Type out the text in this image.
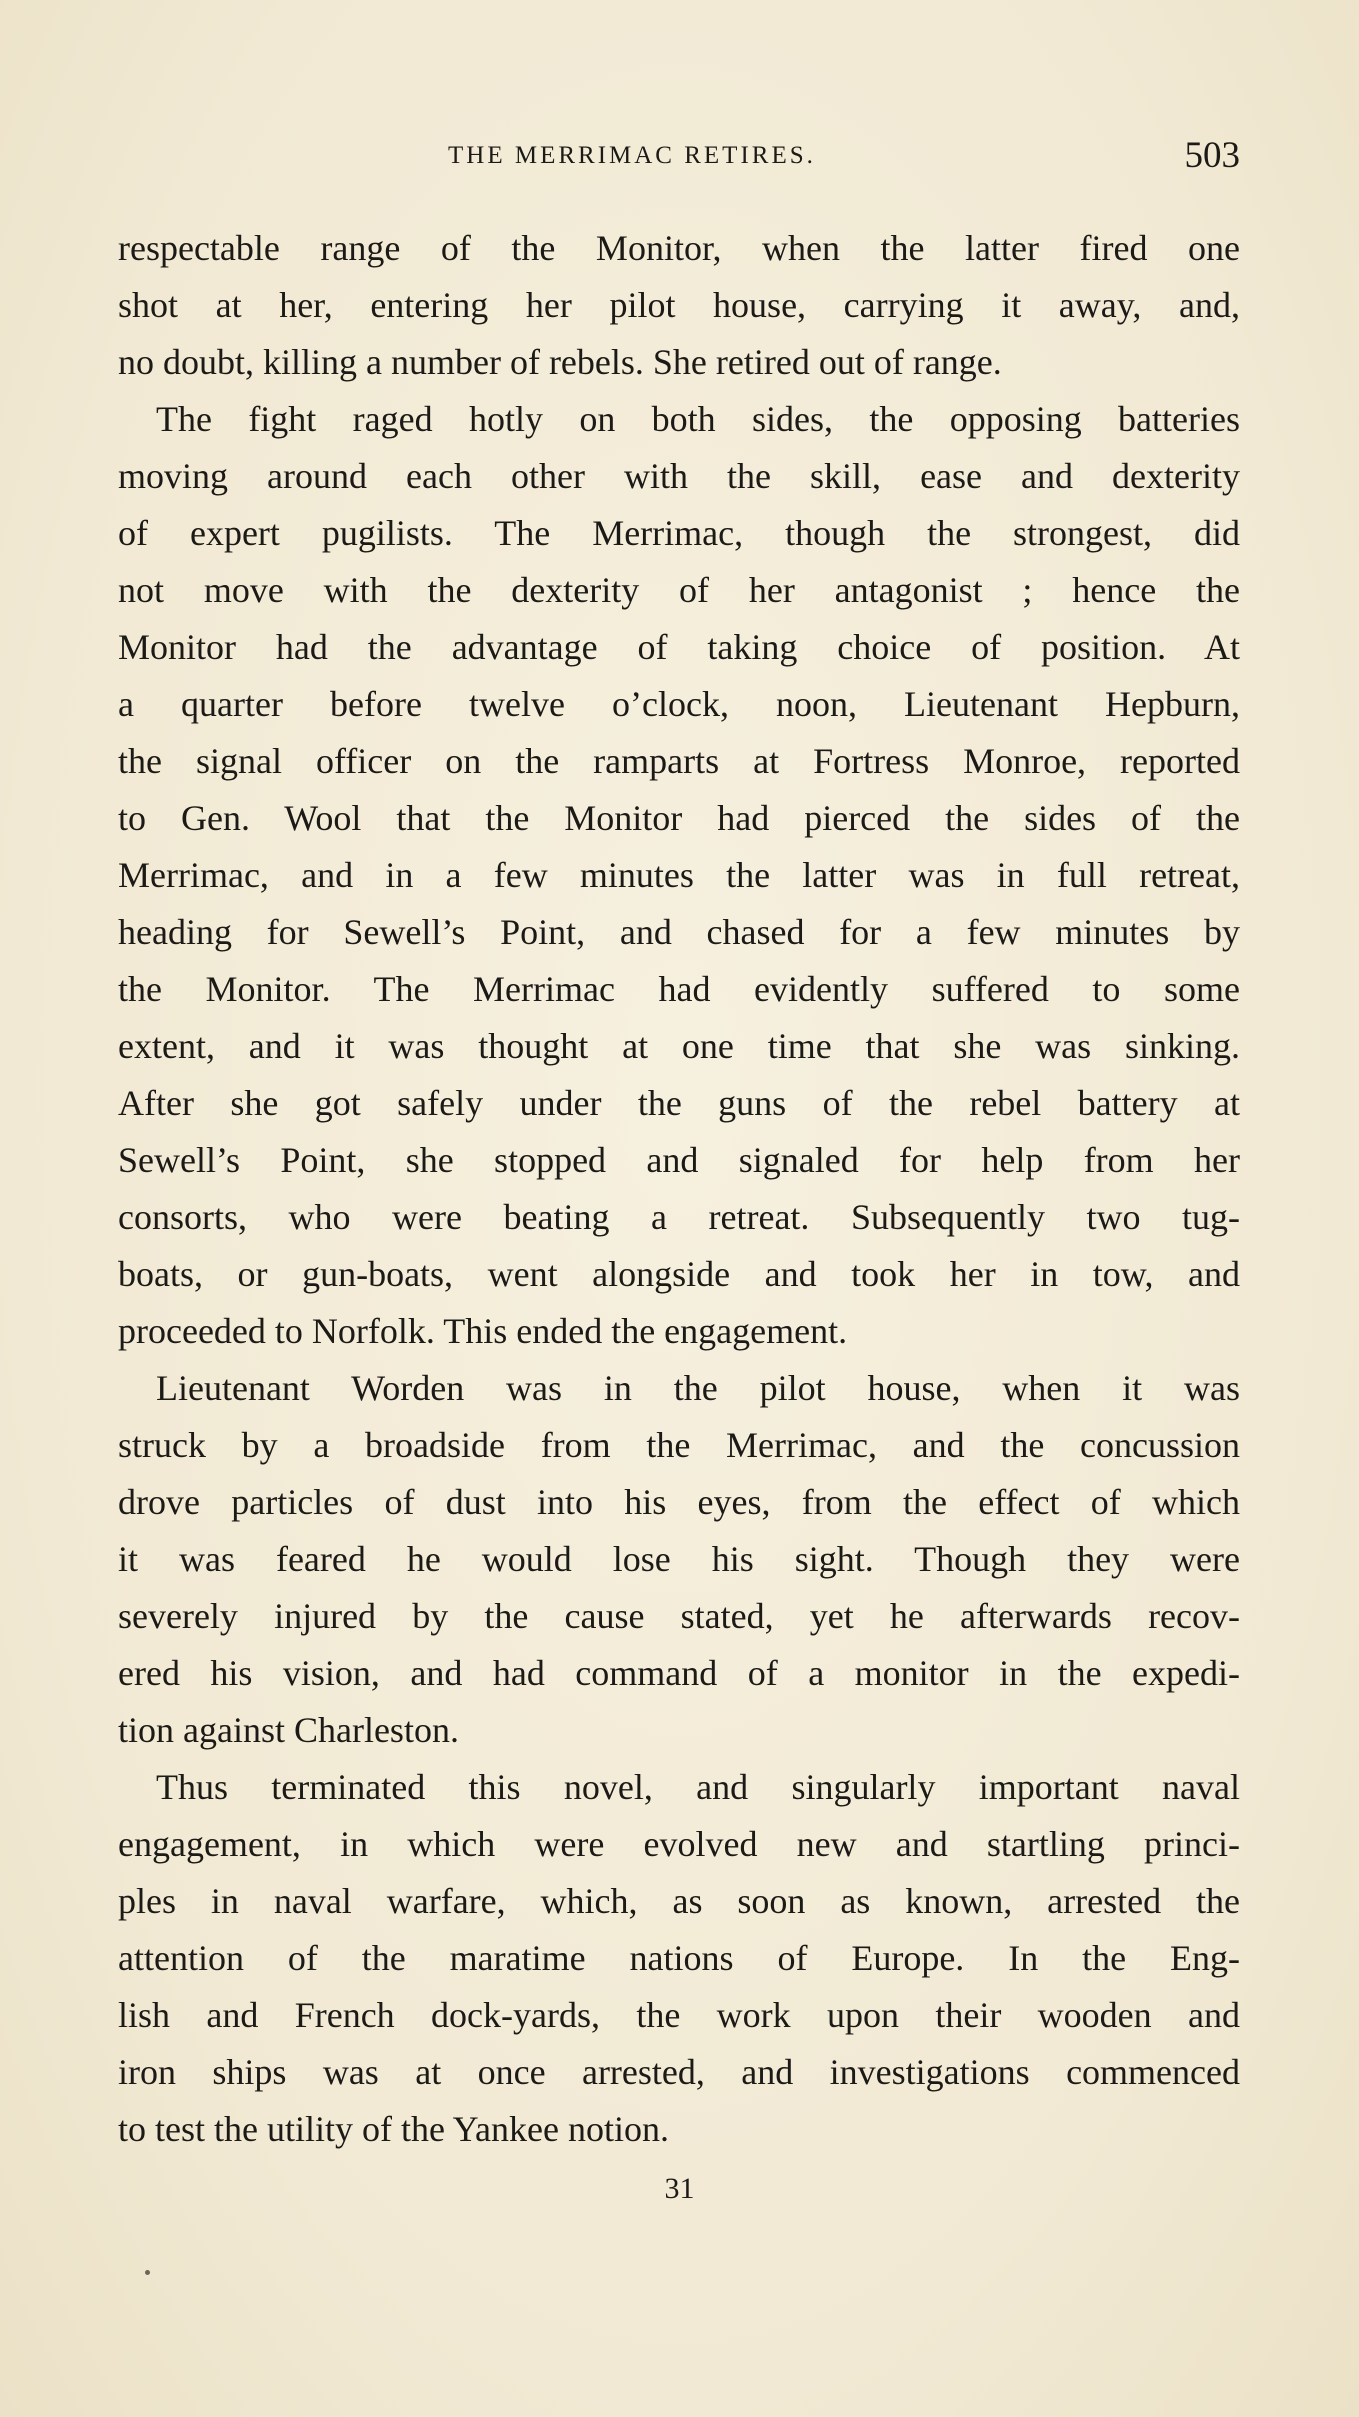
THE MERRIMAC RETIRES.	503
respectable range of the Monitor, when the latter fired one
shot at her, entering her pilot house, carrying it away, and,
no doubt, killing a number of rebels. She retired out of range.
The fight raged hotly on both sides, the opposing batteries
moving around each other with the skill, ease and dexterity
of expert pugilists. The Merrimac, though the strongest, did
not move with the dexterity of her antagonist ; hence the
Monitor had the advantage of taking choice of position. At
a quarter before twelve o’clock, noon, Lieutenant Hepburn,
the signal officer on the ramparts at Fortress Monroe, reported
to Gen. Wool that the Monitor had pierced the sides of the
Merrimac, and in a few minutes the latter was in full retreat,
heading for Sewell’s Point, and chased for a few minutes by
the Monitor. The Merrimac had evidently suffered to some
extent, and it was thought at one time that she was sinking.
After she got safely under the guns of the rebel battery at
Sewell’s Point, she stopped and signaled for help from her
consorts, who were beating a retreat. Subsequently two tug-
boats, or gun-boats, went alongside and took her in tow, and
proceeded to Norfolk. This ended the engagement.
Lieutenant Worden was in the pilot house, when it was
struck by a broadside from the Merrimac, and the concussion
drove particles of dust into his eyes, from the effect of which
it was feared he would lose his sight. Though they were
severely injured by the cause stated, yet he afterwards recov-
ered his vision, and had command of a monitor in the expedi-
tion against Charleston.
Thus terminated this novel, and singularly important naval
engagement, in which were evolved new and startling princi-
ples in naval warfare, which, as soon as known, arrested the
attention of the maratime nations of Europe. In the Eng-
lish and French dock-yards, the work upon their wooden and
iron ships was at once arrested, and investigations commenced
to test the utility of the Yankee notion.
31
